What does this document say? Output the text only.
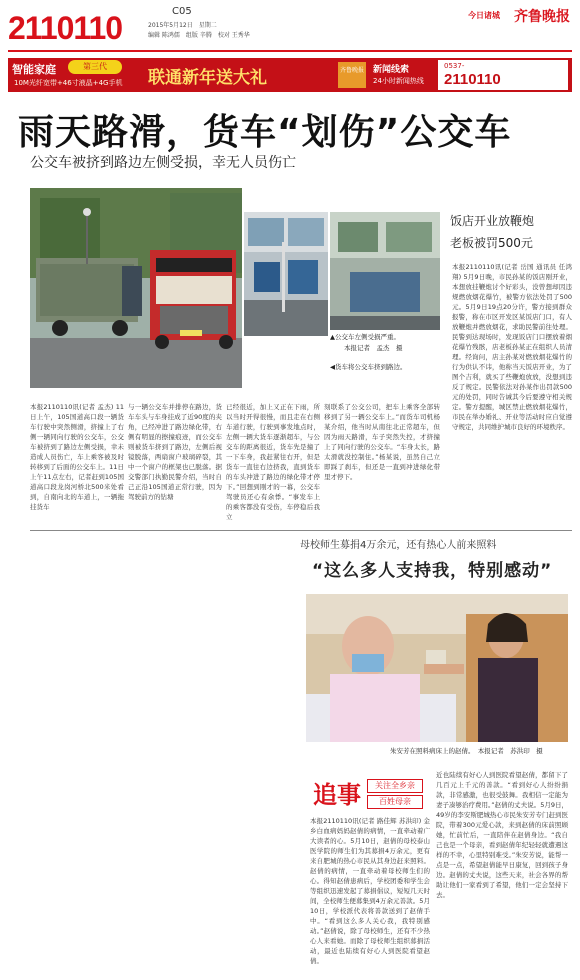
2110110	C05
2015年5月12日　星期二
编辑 陈鸿儒　组版 辛腾　校对 王秀华
今日诸城 齐鲁晚报
智能家庭	第三代
10M光纤宽带+46寸液晶+4G手机 联通新年送大礼	齐鲁晚报 新闻线索
24小时新闻热线
0537-
2110110
雨天路滑，货车“划伤”公交车
公交车被挤到路边左侧受损，幸无人员伤亡
▲公交车左侧受损严重。
本报记者　孟杰　摄
◀货车将公交车挤到路边。
本报2110110讯(记者 孟杰) 11日上午，105国道高口段一辆货车行驶中突然侧滑，挤撞上了右侧一辆同向行驶的公交车，公交车被挤到了路边左侧受损，幸未造成人员伤亡，车上乘客被及时转移到了后面的公交车上。11日上午11点左右，记者赶到105国道高口段龙岗河桥北500米处看到，自南向北的车道上，一辆拖挂货车
与一辆公交车并排停在路边，货车车头与车身挂成了近90度的夹角，已经冲进了路边绿化带，右侧有明显的擦撞痕迹，而公交车则被货车挤到了路边，左侧后视镜脱落，两扇窗户玻璃碎裂，其中一个窗户的框架也已脱落。据交警部门执勤民警介绍，当时自己正沿105国道正常行驶，因为驾驶前方的钻塘
已经很近，加上又正在下雨，所以当时开得很慢，而且走在右侧车道行驶，行驶到事发地点时，左侧一辆大货车逐渐超车，与公交车的距离很近，货车先是撞了一下车身，我赶紧往右开，但是货车一直往右边挤我，直到货车的车头冲进了路边的绿化带才停下。”回想到刚才的一幕，公交车驾驶员还心有余悸。“事发车上的乘客都没有受伤，车停稳后我立
刻联系了公交公司，把车上乘客全部转移到了另一辆公交车上。”而货车司机杨某介绍，他当时从南往北正常超车，但因为雨天路滑，车子突然失控，才挤撞上了同向行驶的公交车。“车身太长，路太滑就没控制住。”杨某说，虽然自己立即踩了刹车，但还是一直到冲进绿化带里才停下。
饭店开业放鞭炮
老板被罚500元
本报2110110讯(记者 岳国 通讯员 任鸿翔) 5月9日晚，市民孙某的饭店刚开业，本想放挂鞭炮讨个好彩头，没曾想却因违规燃放烟花爆竹，被警方依法处罚了500元。5月9日19点20分许，警方接到群众报警，称在市区开发区某饭店门口，有人放鞭炮并燃放烟花，求助民警前往处理。民警到达现场时，发现饭店门口摆放着烟花爆竹残骸，店老板孙某正在组织人员清理。经询问，店主孙某对燃放烟花爆竹的行为供认不讳，他称当天饭店开业，为了图个吉利，就买了些鞭炮放放，没想到违反了规定。民警依法对孙某作出罚款500元的处罚，同时告诫其今后要遵守相关规定。警方提醒，城区禁止燃放烟花爆竹，市民在举办婚礼、开业等活动时应自觉遵守规定，共同维护城市良好的环境秩序。
母校师生募捐4万余元，还有热心人前来照料
“这么多人支持我，特别感动”
朱安芳在照料病床上的赵倩。　本报记者　苏洪印　摄
追事	关注全乡亲
百姓母亲
本报2110110讯(记者 路佳辉 苏洪印) 金乡白血病妈妈赵倩的病情，一直牵动着广大读者的心。5月10日，赵倩的母校泰山医学院的师生们为其募捐4万余元，更有来自肥城的热心市民从其身边赶来照料。赵倩的病情，一直牵动着母校师生们的心。得知赵倩患病后，学校团委和学生会等组织迅速发起了募捐倡议，短短几天时间，全校师生便募集到4万余元善款。5月10日，学校派代表将善款送到了赵倩手中。“看到这么多人关心我，我特别感动。”赵倩说，除了母校师生，还有不少热心人来看她。而除了母校师生组织募捐活动，最近也陆续有好心人到医院看望赵倩。
近也陆续有好心人到医院看望赵倩，都留下了几百元上千元的善款。“看到好心人纷纷捐款，非常感激，也很受鼓舞。我相信一定能为妻子凑够治疗费用。”赵倩的丈夫说。5月9日，49岁的李安斯肥城热心市民朱安芳专门赶到医院，带着300元爱心款，来到赵倩的床前照顾她，忙前忙后，一直陪伴在赵倩身边。“我自己也是一个母亲，看到赵倩年纪轻轻就遭遇这样的不幸，心里特别难受。”朱安芳说，能帮一点是一点，希望赵倩能早日康复，回到孩子身边。赵倩的丈夫说，这些天来，社会各界的帮助让他们一家看到了希望，他们一定会坚持下去。
